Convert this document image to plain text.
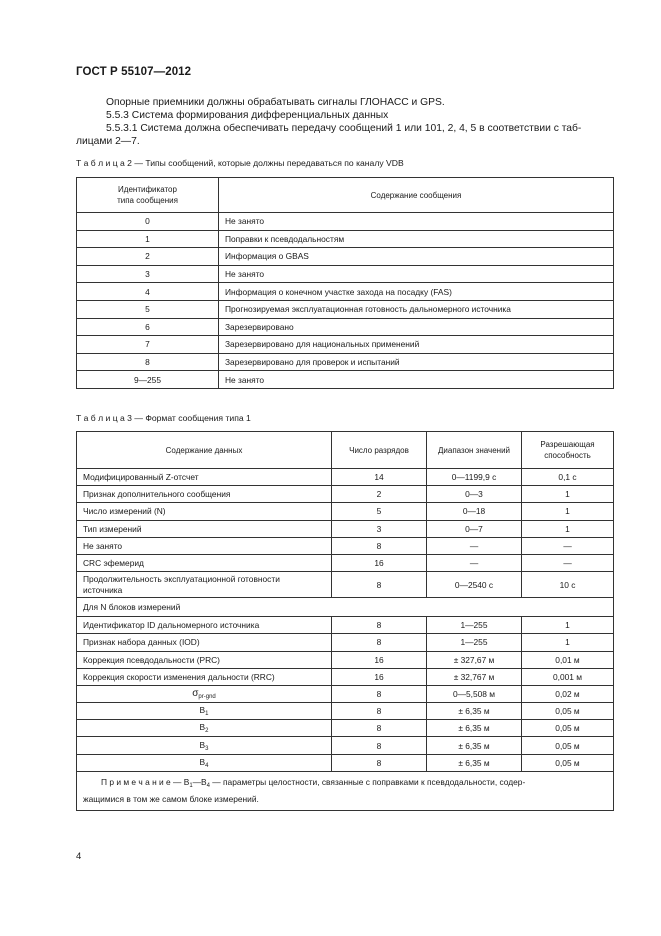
ГОСТ Р 55107—2012
Опорные приемники должны обрабатывать сигналы ГЛОНАСС и GPS.
5.5.3 Система формирования дифференциальных данных
5.5.3.1 Система должна обеспечивать передачу сообщений 1 или 101, 2, 4, 5 в соответствии с таб-
лицами 2—7.
Т а б л и ц а 2 — Типы сообщений, которые должны передаваться по каналу VDB
Идентификатор
типа сообщения	Содержание сообщения
0	Не занято
1	Поправки к псевдодальностям
2	Информация о GBAS
3	Не занято
4	Информация о конечном участке захода на посадку (FAS)
5	Прогнозируемая эксплуатационная готовность дальномерного источника
6	Зарезервировано
7	Зарезервировано для национальных применений
8	Зарезервировано для проверок и испытаний
9—255	Не занято
Т а б л и ц а 3 — Формат сообщения типа 1
Содержание данных	Число разрядов	Диапазон значений	Разрешающая
способность

Модифицированный Z-отсчет	14	0—1199,9 с	0,1 с
Признак дополнительного сообщения	2	0—3	1
Число измерений (N)	5	0—18	1
Тип измерений	3	0—7	1
Не занято	8	—	—
CRC эфемерид	16	—	—

Продолжительность эксплуатационной готовности
источника	8	0—2540 с	10 с
Для N блоков измерений			
Идентификатор ID дальномерного источника	8	1—255	1
Признак набора данных (IOD)	8	1—255	1
Коррекция псевдодальности (PRC)	16	± 327,67 м	0,01 м
Коррекция скорости изменения дальности (RRC)	16	± 32,767 м	0,001 м
$\sigma_{pr-gnd}$	8	0—5,508 м	0,02 м
$B_1$	8	± 6,35 м	0,05 м
$B_2$	8	± 6,35 м	0,05 м
$B_3$	8	± 6,35 м	0,05 м
$B_4$	8	± 6,35 м	0,05 м

П р и м е ч а н и е — $B_1—B_4$ — параметры целостности, связанные с поправками к псевдодальности, содер-
жащимися в том же самом блоке измерений.			
4
